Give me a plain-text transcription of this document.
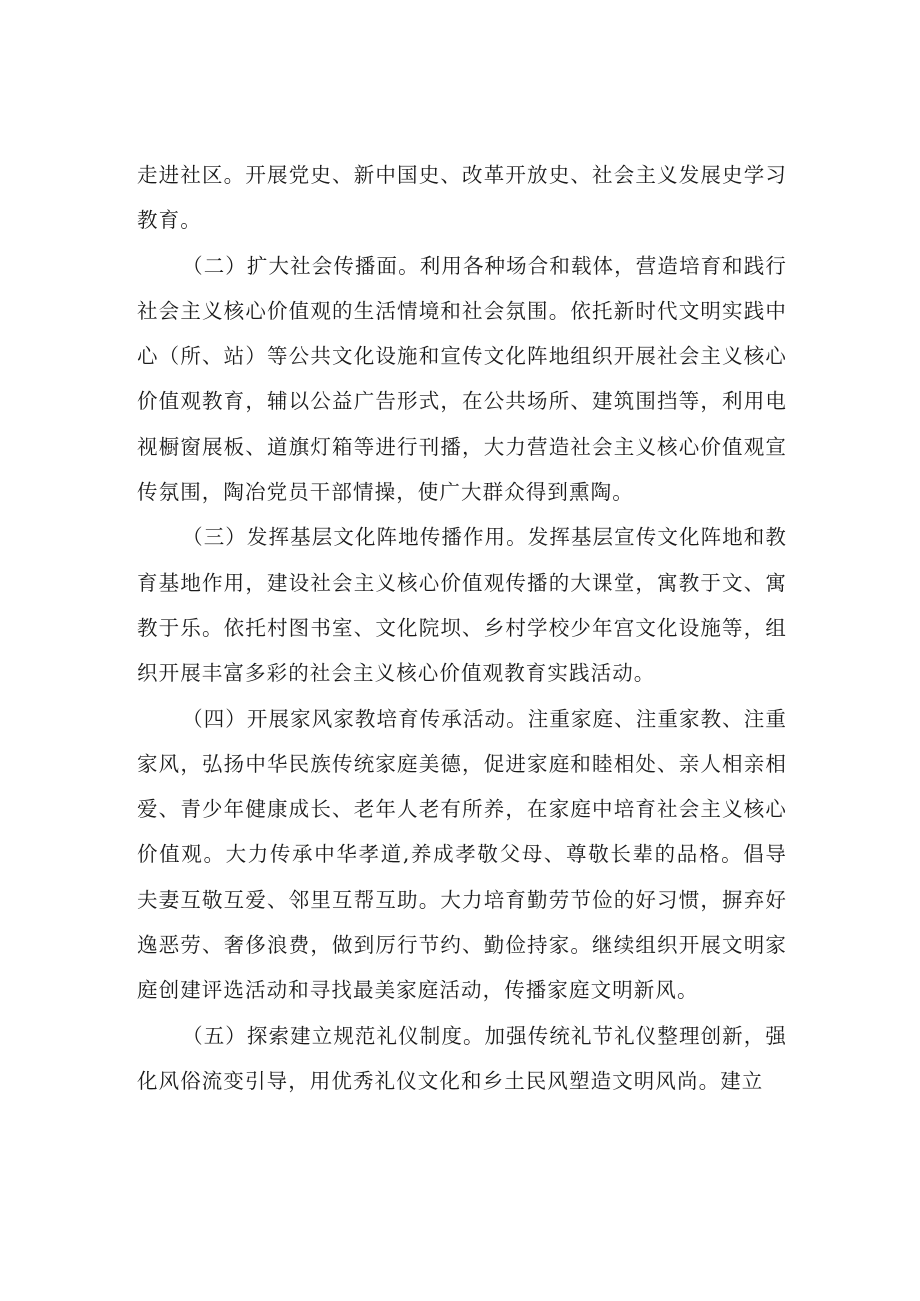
走进社区。开展党史、新中国史、改革开放史、社会主义发展史学习教育。

（二）扩大社会传播面。利用各种场合和载体，营造培育和践行社会主义核心价值观的生活情境和社会氛围。依托新时代文明实践中心（所、站）等公共文化设施和宣传文化阵地组织开展社会主义核心价值观教育，辅以公益广告形式，在公共场所、建筑围挡等，利用电视橱窗展板、道旗灯箱等进行刊播，大力营造社会主义核心价值观宣传氛围，陶冶党员干部情操，使广大群众得到熏陶。

（三）发挥基层文化阵地传播作用。发挥基层宣传文化阵地和教育基地作用，建设社会主义核心价值观传播的大课堂，寓教于文、寓教于乐。依托村图书室、文化院坝、乡村学校少年宫文化设施等，组织开展丰富多彩的社会主义核心价值观教育实践活动。

（四）开展家风家教培育传承活动。注重家庭、注重家教、注重家风，弘扬中华民族传统家庭美德，促进家庭和睦相处、亲人相亲相爱、青少年健康成长、老年人老有所养，在家庭中培育社会主义核心价值观。大力传承中华孝道,养成孝敬父母、尊敬长辈的品格。倡导夫妻互敬互爱、邻里互帮互助。大力培育勤劳节俭的好习惯，摒弃好逸恶劳、奢侈浪费，做到厉行节约、勤俭持家。继续组织开展文明家庭创建评选活动和寻找最美家庭活动，传播家庭文明新风。

（五）探索建立规范礼仪制度。加强传统礼节礼仪整理创新，强化风俗流变引导，用优秀礼仪文化和乡土民风塑造文明风尚。建立
